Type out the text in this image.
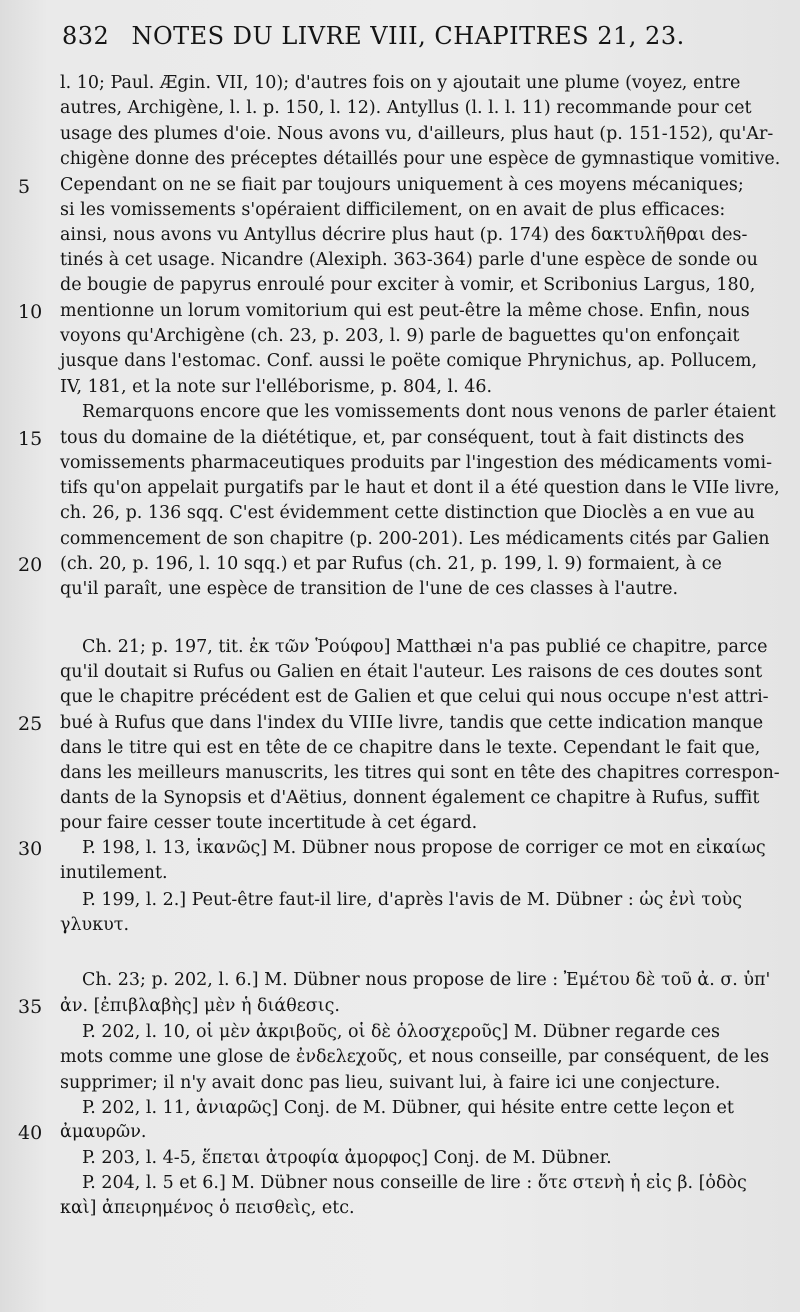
832 NOTES DU LIVRE VIII, CHAPITRES 21, 23.
5
10
15
20
25
30
35
40
l. 10; Paul. Ægin. VII, 10); d'autres fois on y ajoutait une plume (voyez, entre
autres, Archigène, l. l. p. 150, l. 12). Antyllus (l. l. l. 11) recommande pour cet
usage des plumes d'oie. Nous avons vu, d'ailleurs, plus haut (p. 151-152), qu'Ar-
chigène donne des préceptes détaillés pour une espèce de gymnastique vomitive.
Cependant on ne se fiait par toujours uniquement à ces moyens mécaniques;
si les vomissements s'opéraient difficilement, on en avait de plus efficaces:
ainsi, nous avons vu Antyllus décrire plus haut (p. 174) des δακτυλῆθραι des-
tinés à cet usage. Nicandre (Alexiph. 363-364) parle d'une espèce de sonde ou
de bougie de papyrus enroulé pour exciter à vomir, et Scribonius Largus, 180,
mentionne un lorum vomitorium qui est peut-être la même chose. Enfin, nous
voyons qu'Archigène (ch. 23, p. 203, l. 9) parle de baguettes qu'on enfonçait
jusque dans l'estomac. Conf. aussi le poëte comique Phrynichus, ap. Pollucem,
IV, 181, et la note sur l'elléborisme, p. 804, l. 46.
Remarquons encore que les vomissements dont nous venons de parler étaient
tous du domaine de la diététique, et, par conséquent, tout à fait distincts des
vomissements pharmaceutiques produits par l'ingestion des médicaments vomi-
tifs qu'on appelait purgatifs par le haut et dont il a été question dans le VIIe livre,
ch. 26, p. 136 sqq. C'est évidemment cette distinction que Dioclès a en vue au
commencement de son chapitre (p. 200-201). Les médicaments cités par Galien
(ch. 20, p. 196, l. 10 sqq.) et par Rufus (ch. 21, p. 199, l. 9) formaient, à ce
qu'il paraît, une espèce de transition de l'une de ces classes à l'autre.
Ch. 21; p. 197, tit. ἐκ τῶν Ῥούφου] Matthæi n'a pas publié ce chapitre, parce
qu'il doutait si Rufus ou Galien en était l'auteur. Les raisons de ces doutes sont
que le chapitre précédent est de Galien et que celui qui nous occupe n'est attri-
bué à Rufus que dans l'index du VIIIe livre, tandis que cette indication manque
dans le titre qui est en tête de ce chapitre dans le texte. Cependant le fait que,
dans les meilleurs manuscrits, les titres qui sont en tête des chapitres correspon-
dants de la Synopsis et d'Aëtius, donnent également ce chapitre à Rufus, suffit
pour faire cesser toute incertitude à cet égard.
P. 198, l. 13, ἱκανῶς] M. Dübner nous propose de corriger ce mot en εἰκαίως
inutilement.
P. 199, l. 2.] Peut-être faut-il lire, d'après l'avis de M. Dübner : ὡς ἐνὶ τοὺς
γλυκυτ.
Ch. 23; p. 202, l. 6.] M. Dübner nous propose de lire : Ἐμέτου δὲ τοῦ ἀ. σ. ὑπ'
ἀν. [ἐπιβλαβὴς] μὲν ἡ διάθεσις.
P. 202, l. 10, οἱ μὲν ἀκριβοῦς, οἱ δὲ ὁλοσχεροῦς] M. Dübner regarde ces
mots comme une glose de ἐνδελεχοῦς, et nous conseille, par conséquent, de les
supprimer; il n'y avait donc pas lieu, suivant lui, à faire ici une conjecture.
P. 202, l. 11, ἀνιαρῶς] Conj. de M. Dübner, qui hésite entre cette leçon et
ἀμαυρῶν.
P. 203, l. 4-5, ἕπεται ἀτροφία ἀμορφος] Conj. de M. Dübner.
P. 204, l. 5 et 6.] M. Dübner nous conseille de lire : ὅτε στενὴ ἡ εἰς β. [ὁδὸς
καὶ] ἀπειρημένος ὁ πεισθεὶς, etc.
